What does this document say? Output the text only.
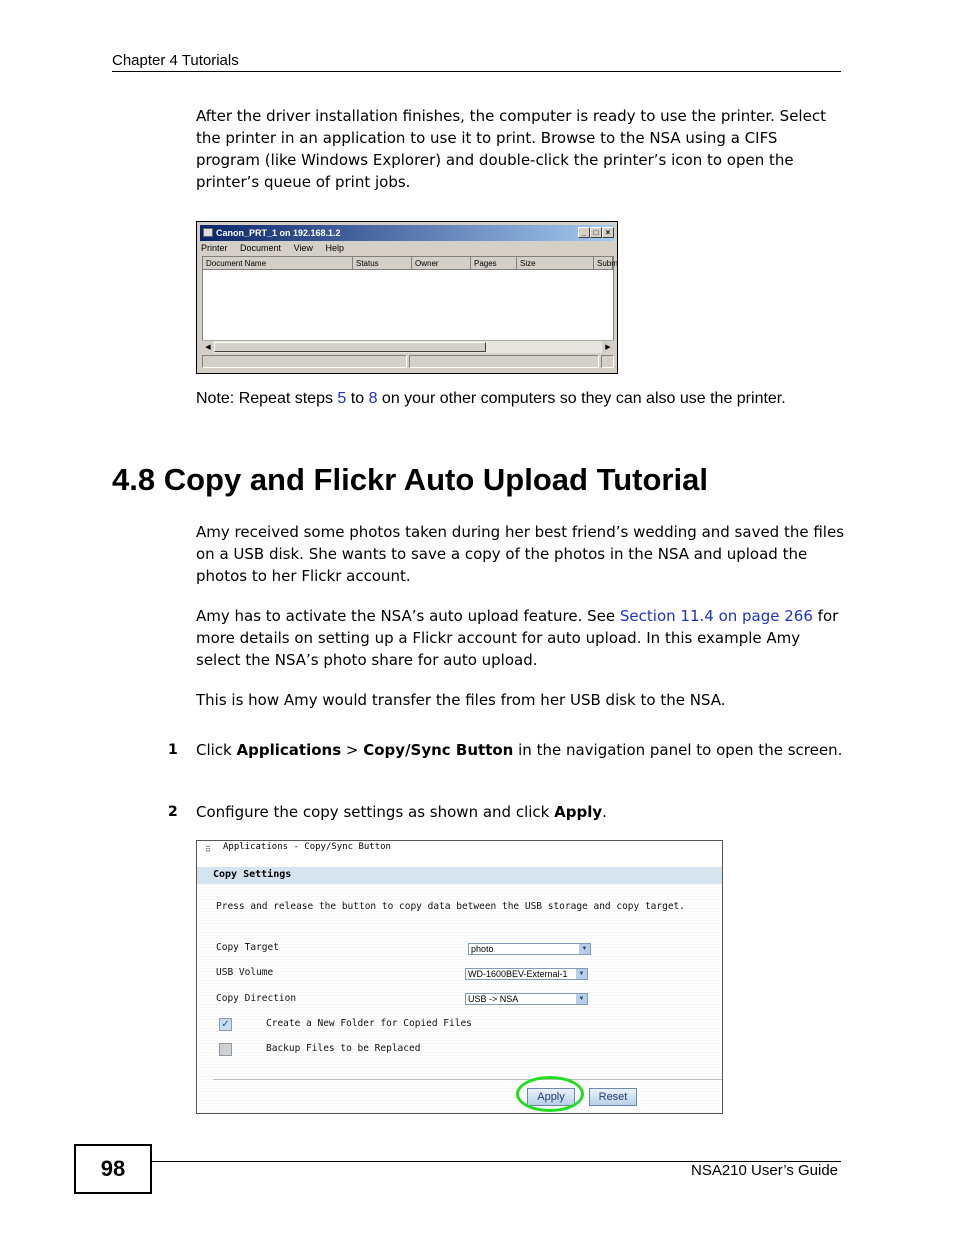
Chapter 4 Tutorials
After the driver installation finishes, the computer is ready to use the printer. Select the printer in an application to use it to print. Browse to the NSA using a CIFS program (like Windows Explorer) and double-click the printer’s icon to open the printer’s queue of print jobs.
Canon_PRT_1 on 192.168.1.2	_ □ ×
Printer Document View Help
Document Name	Status	Owner	Pages	Size	Subm
◀	▶
Note: Repeat steps 5 to 8 on your other computers so they can also use the printer.
4.8 Copy and Flickr Auto Upload Tutorial
Amy received some photos taken during her best friend’s wedding and saved the files on a USB disk. She wants to save a copy of the photos in the NSA and upload the photos to her Flickr account.
Amy has to activate the NSA’s auto upload feature. See Section 11.4 on page 266 for more details on setting up a Flickr account for auto upload. In this example Amy select the NSA’s photo share for auto upload.
This is how Amy would transfer the files from her USB disk to the NSA.
1 Click Applications > Copy/Sync Button in the navigation panel to open the screen.
2 Configure the copy settings as shown and click Apply.
⠿ Applications - Copy/Sync Button
Copy Settings
Press and release the button to copy data between the USB storage and copy target.
Copy Target	photo	▼
USB Volume	WD-1600BEV-External-1	▼
Copy Direction	USB -> NSA	▼
✓	Create a New Folder for Copied Files
Backup Files to be Replaced
Apply	Reset
98	NSA210 User’s Guide
